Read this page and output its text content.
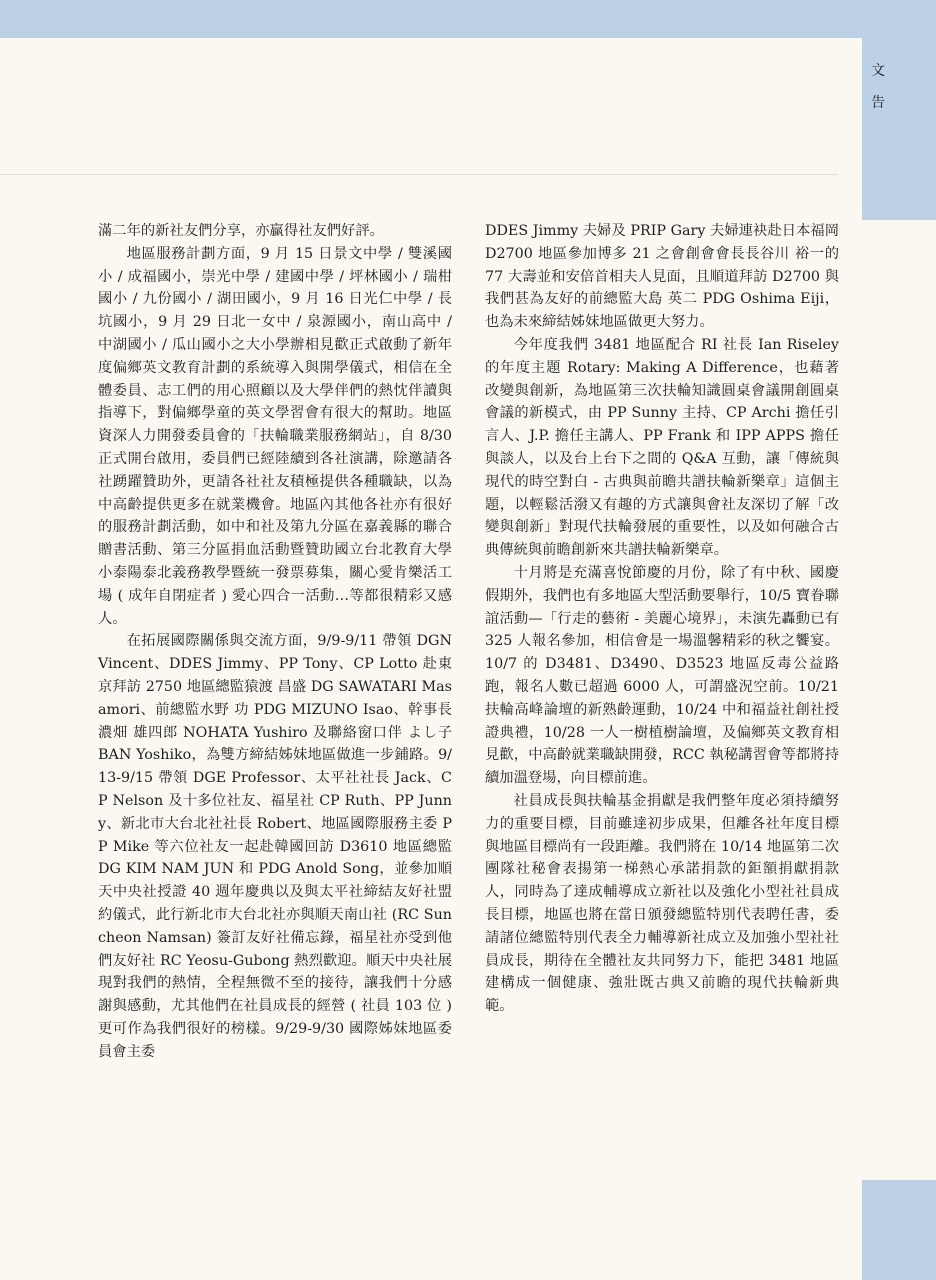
文
告

滿二年的新社友們分享，亦贏得社友們好評。

地區服務計劃方面，9 月 15 日景文中學 / 雙溪國小 / 成福國小，崇光中學 / 建國中學 / 坪林國小 / 瑞柑國小 / 九份國小 / 湖田國小，9 月 16 日光仁中學 / 長坑國小，9 月 29 日北一女中 / 泉源國小，南山高中 / 中湖國小 / 瓜山國小之大小學辦相見歡正式啟動了新年度偏鄉英文教育計劃的系統導入與開學儀式，相信在全體委員、志工們的用心照顧以及大學伴們的熱忱伴讀與指導下，對偏鄉學童的英文學習會有很大的幫助。地區資深人力開發委員會的「扶輪職業服務網站」，自 8/30 正式開台啟用，委員們已經陸續到各社演講，除邀請各社踴躍贊助外，更請各社社友積極提供各種職缺，以為中高齡提供更多在就業機會。地區內其他各社亦有很好的服務計劃活動，如中和社及第九分區在嘉義縣的聯合贈書活動、第三分區捐血活動暨贊助國立台北教育大學小泰陽泰北義務教學暨統一發票募集，關心愛肯樂活工場 ( 成年自閉症者 ) 愛心四合一活動…等都很精彩又感人。

在拓展國際關係與交流方面，9/9-9/11 帶領 DGN Vincent、DDES Jimmy、PP Tony、CP Lotto 赴東京拜訪 2750 地區總監猿渡 昌盛 DG SAWATARI Masamori、前總監水野 功 PDG MIZUNO Isao、幹事長濃畑 雄四郎 NOHATA Yushiro 及聯絡窗口伴 よし子 BAN Yoshiko，為雙方締結姊妹地區做進一步鋪路。9/13-9/15 帶領 DGE Professor、太平社社長 Jack、CP Nelson 及十多位社友、福星社 CP Ruth、PP Junny、新北市大台北社社長 Robert、地區國際服務主委 PP Mike 等六位社友一起赴韓國回訪 D3610 地區總監 DG KIM NAM JUN 和 PDG Anold Song，並參加順天中央社授證 40 週年慶典以及與太平社締結友好社盟約儀式，此行新北市大台北社亦與順天南山社 (RC Suncheon Namsan) 簽訂友好社備忘錄，福星社亦受到他們友好社 RC Yeosu-Gubong 熱烈歡迎。順天中央社展現對我們的熱情，全程無微不至的接待，讓我們十分感謝與感動，尤其他們在社員成長的經營 ( 社員 103 位 ) 更可作為我們很好的榜樣。9/29-9/30 國際姊妹地區委員會主委

DDES Jimmy 夫婦及 PRIP Gary 夫婦連袂赴日本福岡 D2700 地區參加博多 21 之會創會會長長谷川 裕一的 77 大壽並和安倍首相夫人見面，且順道拜訪 D2700 與我們甚為友好的前總監大島 英二 PDG Oshima Eiji，也為未來締結姊妹地區做更大努力。

今年度我們 3481 地區配合 RI 社長 Ian Riseley 的年度主題 Rotary: Making A Difference，也藉著改變與創新，為地區第三次扶輪知識圓桌會議開創圓桌會議的新模式，由 PP Sunny 主持、CP Archi 擔任引言人、J.P. 擔任主講人、PP Frank 和 IPP APPS 擔任與談人，以及台上台下之間的 Q&A 互動，讓「傳統與現代的時空對白 - 古典與前瞻共譜扶輪新樂章」這個主題，以輕鬆活潑又有趣的方式讓與會社友深切了解「改變與創新」對現代扶輪發展的重要性，以及如何融合古典傳統與前瞻創新來共譜扶輪新樂章。

十月將是充滿喜悅節慶的月份，除了有中秋、國慶假期外，我們也有多地區大型活動要舉行，10/5 寶眷聯誼活動—「行走的藝術 - 美麗心境界」，未演先轟動已有 325 人報名參加，相信會是一場溫馨精彩的秋之饗宴。10/7 的 D3481、D3490、D3523 地區反毒公益路跑，報名人數已超過 6000 人，可謂盛況空前。10/21 扶輪高峰論壇的新熟齡運動，10/24 中和福益社創社授證典禮，10/28 一人一樹植樹論壇，及偏鄉英文教育相見歡，中高齡就業職缺開發，RCC 執秘講習會等都將持續加溫登場，向目標前進。

社員成長與扶輪基金捐獻是我們整年度必須持續努力的重要目標，目前雖達初步成果，但離各社年度目標與地區目標尚有一段距離。我們將在 10/14 地區第二次團隊社秘會表揚第一梯熱心承諾捐款的鉅額捐獻捐款人，同時為了達成輔導成立新社以及強化小型社社員成長目標，地區也將在當日頒發總監特別代表聘任書，委請諸位總監特別代表全力輔導新社成立及加強小型社社員成長，期待在全體社友共同努力下，能把 3481 地區建構成一個健康、強壯既古典又前瞻的現代扶輪新典範。
